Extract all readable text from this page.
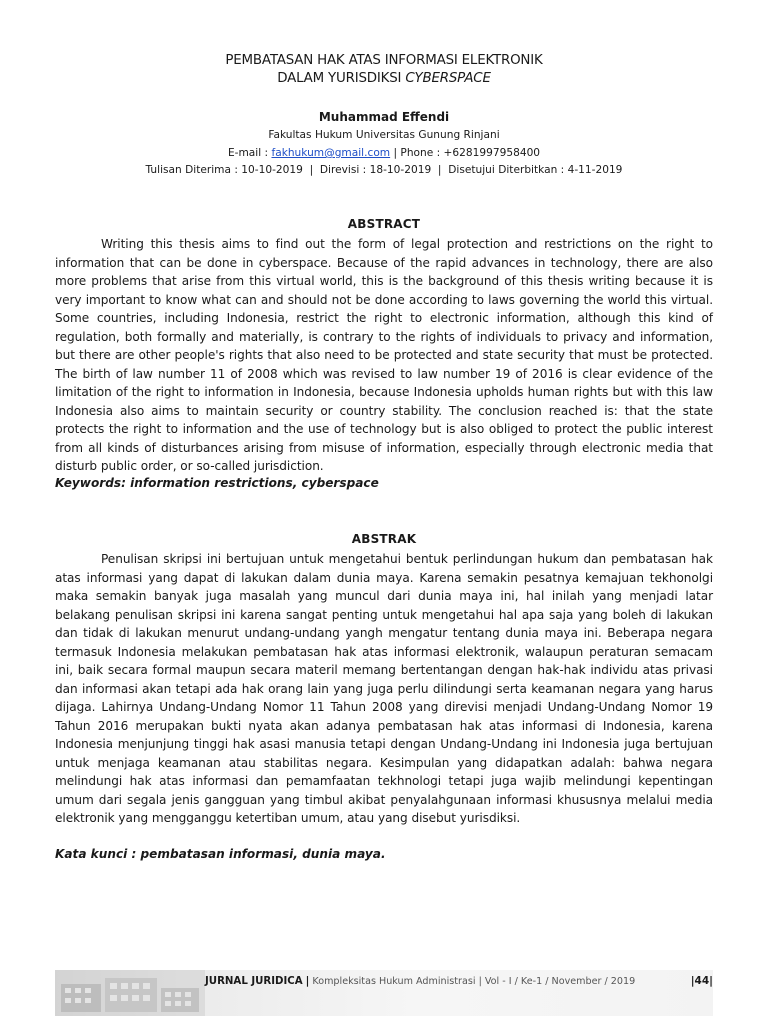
PEMBATASAN HAK ATAS INFORMASI ELEKTRONIK
DALAM YURISDIKSI CYBERSPACE
Muhammad Effendi
Fakultas Hukum Universitas Gunung Rinjani
E-mail : fakhukum@gmail.com | Phone : +6281997958400
Tulisan Diterima : 10-10-2019  |  Direvisi : 18-10-2019  |  Disetujui Diterbitkan : 4-11-2019
ABSTRACT
Writing this thesis aims to find out the form of legal protection and restrictions on the right to information that can be done in cyberspace. Because of the rapid advances in technology, there are also more problems that arise from this virtual world, this is the background of this thesis writing because it is very important to know what can and should not be done according to laws governing the world this virtual. Some countries, including Indonesia, restrict the right to electronic information, although this kind of regulation, both formally and materially, is contrary to the rights of individuals to privacy and information, but there are other people's rights that also need to be protected and state security that must be protected. The birth of law number 11 of 2008 which was revised to law number 19 of 2016 is clear evidence of the limitation of the right to information in Indonesia, because Indonesia upholds human rights but with this law Indonesia also aims to maintain security or country stability. The conclusion reached is: that the state protects the right to information and the use of technology but is also obliged to protect the public interest from all kinds of disturbances arising from misuse of information, especially through electronic media that disturb public order, or so-called jurisdiction.
Keywords: information restrictions, cyberspace
ABSTRAK
Penulisan skripsi ini bertujuan untuk mengetahui bentuk perlindungan hukum dan pembatasan hak atas informasi yang dapat di lakukan dalam dunia maya. Karena semakin pesatnya kemajuan tekhonolgi maka semakin banyak juga masalah yang muncul dari dunia maya ini, hal inilah yang menjadi latar belakang penulisan skripsi ini karena sangat penting untuk mengetahui hal apa saja yang boleh di lakukan dan tidak di lakukan menurut undang-undang yangh mengatur tentang dunia maya ini. Beberapa negara termasuk Indonesia melakukan pembatasan hak atas informasi elektronik, walaupun peraturan semacam ini, baik secara formal maupun secara materil memang bertentangan dengan hak-hak individu atas privasi dan informasi akan tetapi ada hak orang lain yang juga perlu dilindungi serta keamanan negara yang harus dijaga. Lahirnya Undang-Undang Nomor 11 Tahun 2008 yang direvisi menjadi Undang-Undang Nomor 19 Tahun 2016 merupakan bukti nyata akan adanya pembatasan hak atas informasi di Indonesia, karena Indonesia menjunjung tinggi hak asasi manusia tetapi dengan Undang-Undang ini Indonesia juga bertujuan untuk menjaga keamanan atau stabilitas negara. Kesimpulan yang didapatkan adalah: bahwa negara melindungi hak atas informasi dan pemamfaatan tekhnologi tetapi juga wajib melindungi kepentingan umum dari segala jenis gangguan yang timbul akibat penyalahgunaan informasi khususnya melalui media elektronik yang mengganggu ketertiban umum, atau yang disebut yurisdiksi.
Kata kunci : pembatasan informasi, dunia maya.
JURNAL JURIDICA | Kompleksitas Hukum Administrasi | Vol - I / Ke-1 / November / 2019	|44|
